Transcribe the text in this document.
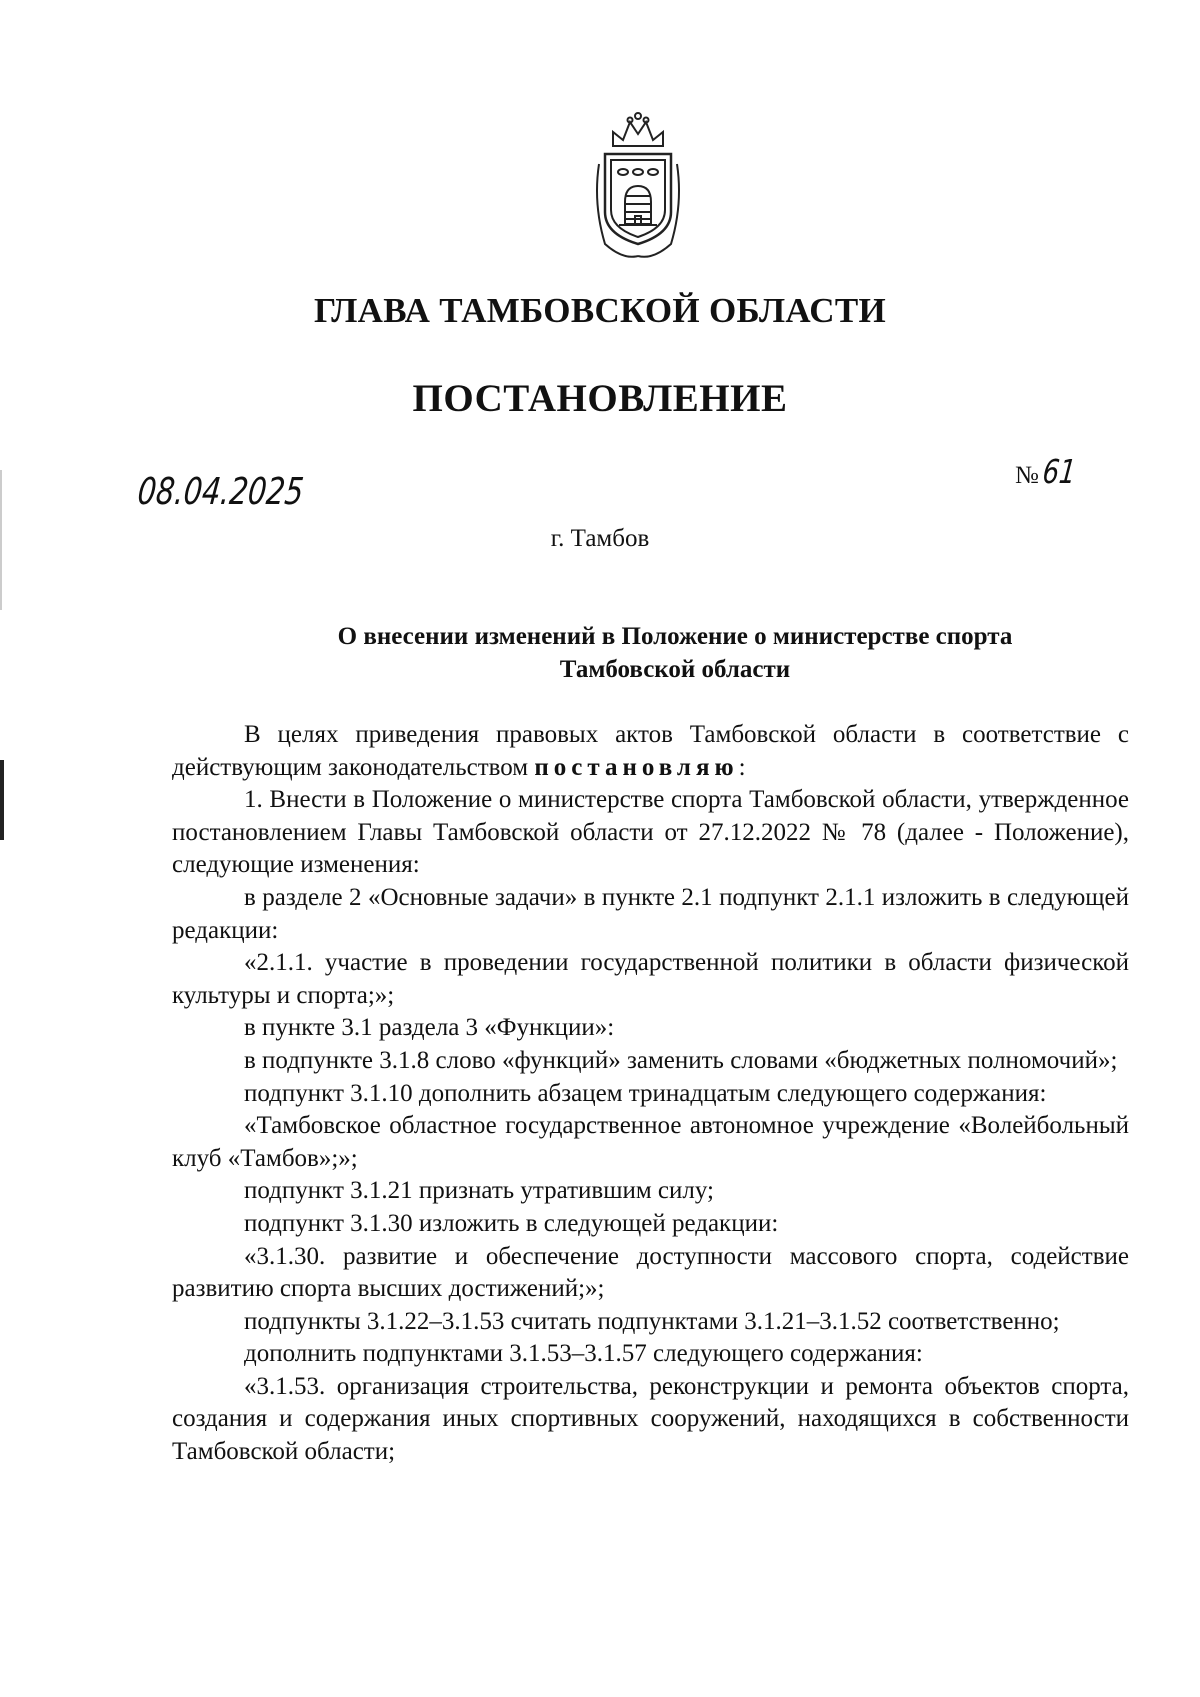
ГЛАВА ТАМБОВСКОЙ ОБЛАСТИ
ПОСТАНОВЛЕНИЕ
08.04.2025	№61
г. Тамбов
О внесении изменений в Положение о министерстве спорта
Тамбовской области

В целях приведения правовых актов Тамбовской области в соответствие с действующим законодательством постановляю:

1. Внести в Положение о министерстве спорта Тамбовской области, утвержденное постановлением Главы Тамбовской области от 27.12.2022 № 78 (далее - Положение), следующие изменения:

в разделе 2 «Основные задачи» в пункте 2.1 подпункт 2.1.1 изложить в следующей редакции:

«2.1.1. участие в проведении государственной политики в области физической культуры и спорта;»;

в пункте 3.1 раздела 3 «Функции»:

в подпункте 3.1.8 слово «функций» заменить словами «бюджетных полномочий»;

подпункт 3.1.10 дополнить абзацем тринадцатым следующего содержания:

«Тамбовское областное государственное автономное учреждение «Волейбольный клуб «Тамбов»;»;

подпункт 3.1.21 признать утратившим силу;

подпункт 3.1.30 изложить в следующей редакции:

«3.1.30. развитие и обеспечение доступности массового спорта, содействие развитию спорта высших достижений;»;

подпункты 3.1.22–3.1.53 считать подпунктами 3.1.21–3.1.52 соответственно;

дополнить подпунктами 3.1.53–3.1.57 следующего содержания:

«3.1.53. организация строительства, реконструкции и ремонта объектов спорта, создания и содержания иных спортивных сооружений, находящихся в собственности Тамбовской области;
